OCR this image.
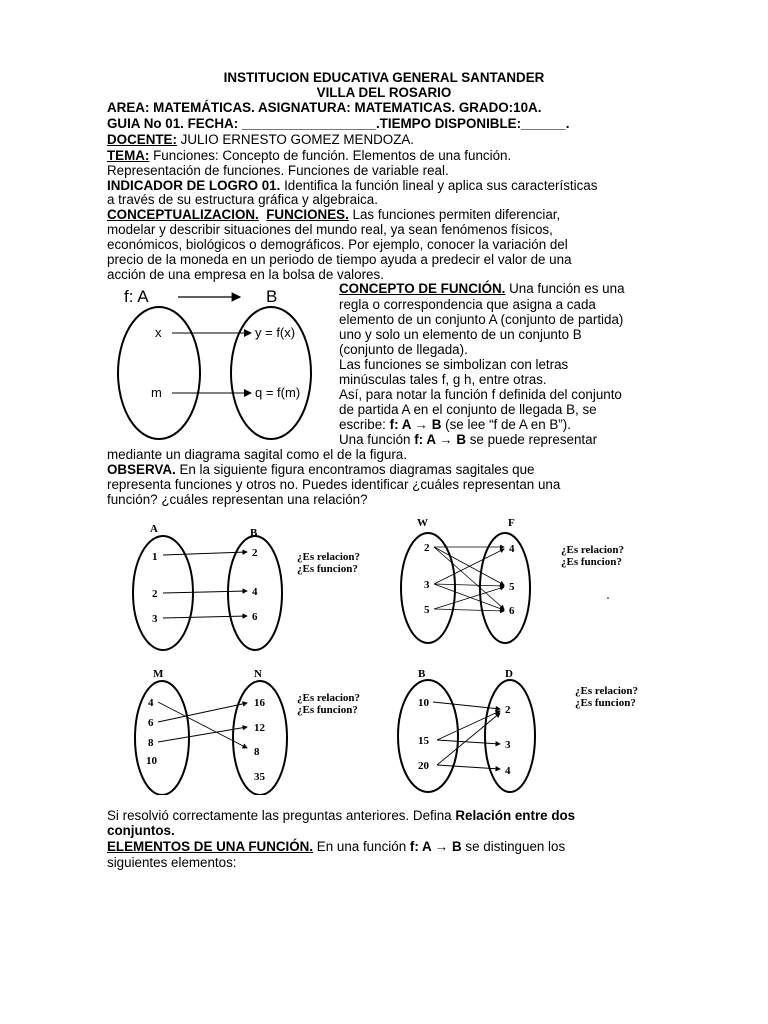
INSTITUCION EDUCATIVA GENERAL SANTANDER
VILLA DEL ROSARIO
AREA: MATEMÁTICAS. ASIGNATURA: MATEMATICAS. GRADO:10A.
GUIA No 01. FECHA: __________________.TIEMPO DISPONIBLE:______.
DOCENTE: JULIO ERNESTO GOMEZ MENDOZA.
TEMA: Funciones: Concepto de función. Elementos de una función.
Representación de funciones. Funciones de variable real.
INDICADOR DE LOGRO 01. Identifica la función lineal y aplica sus características
a través de su estructura gráfica y algebraica.
CONCEPTUALIZACION. FUNCIONES. Las funciones permiten diferenciar,
modelar y describir situaciones del mundo real, ya sean fenómenos físicos,
económicos, biológicos o demográficos. Por ejemplo, conocer la variación del
precio de la moneda en un periodo de tiempo ayuda a predecir el valor de una
acción de una empresa en la bolsa de valores.
f: A	B
x	y = f(x)
m	q = f(m)
CONCEPTO DE FUNCIÓN. Una función es una
regla o correspondencia que asigna a cada
elemento de un conjunto A (conjunto de partida)
uno y solo un elemento de un conjunto B
(conjunto de llegada).
Las funciones se simbolizan con letras
minúsculas tales f, g h, entre otras.
Así, para notar la función f definida del conjunto
de partida A en el conjunto de llegada B, se
escribe: f: A → B (se lee “f de A en B”).
Una función f: A → B se puede representar
mediante un diagrama sagital como el de la figura.
OBSERVA. En la siguiente figura encontramos diagramas sagitales que
representa funciones y otros no. Puedes identificar ¿cuáles representan una
función? ¿cuáles representan una relación?
A	B
1
2
3
2
4
6
¿Es relacion?
¿Es funcion?
W	F
2
3
5
4
5
6
¿Es relacion?
¿Es funcion?
M	N
4
6
8
10
16
12
8
35
¿Es relacion?
¿Es funcion?
B	D
10
15
20
2
3
4
¿Es relacion?
¿Es funcion?
Si resolvió correctamente las preguntas anteriores. Defina Relación entre dos
conjuntos.
ELEMENTOS DE UNA FUNCIÓN. En una función f: A → B se distinguen los
siguientes elementos:
